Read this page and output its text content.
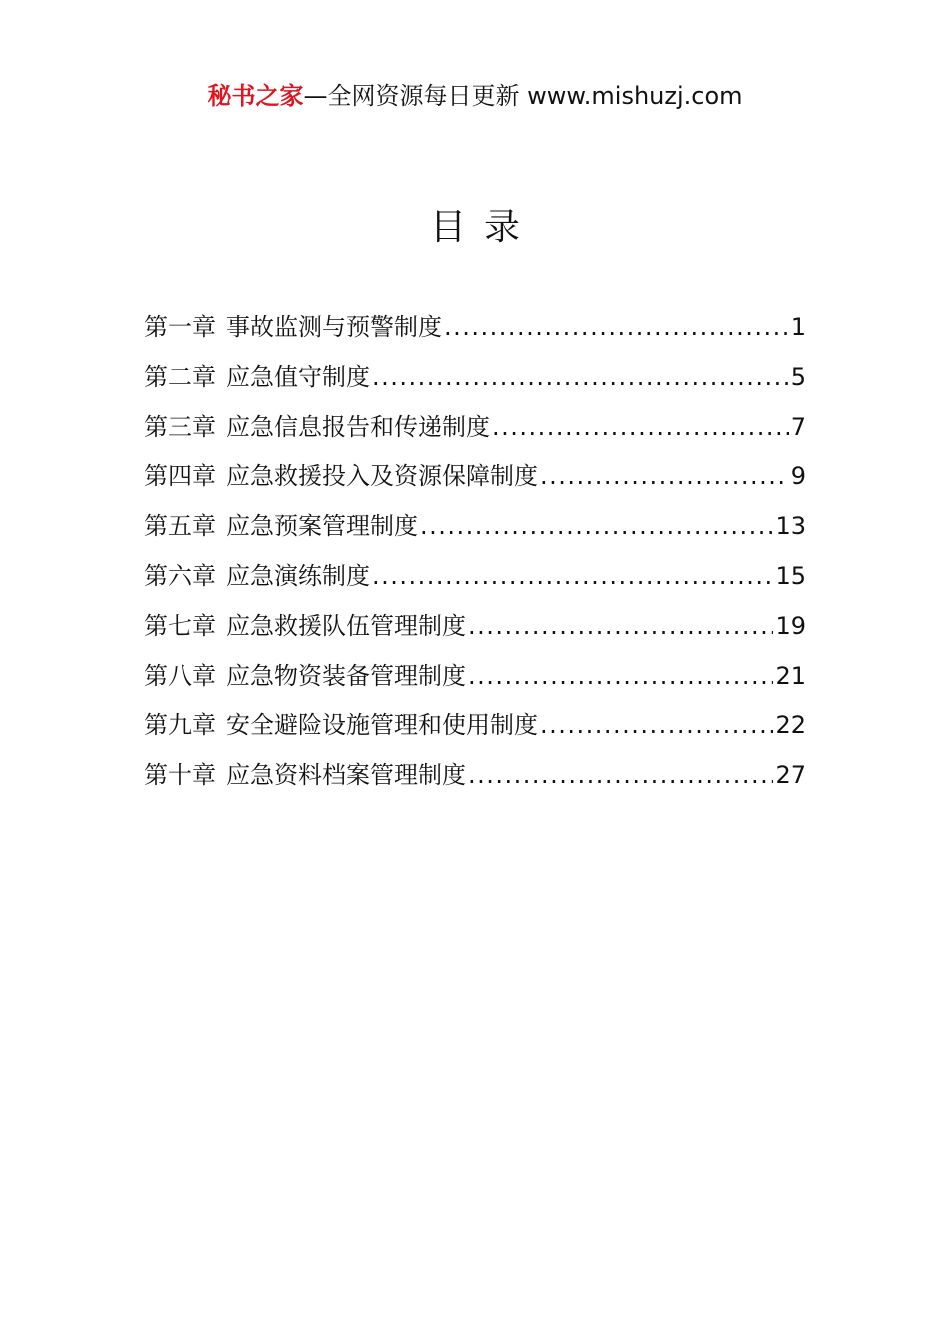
秘书之家—全网资源每日更新 www.mishuzj.com
目录
第一章 事故监测与预警制度 .....	1
第二章 应急值守制度 .....	5
第三章 应急信息报告和传递制度 .....	7
第四章 应急救援投入及资源保障制度 .....	9
第五章 应急预案管理制度 .....	13
第六章 应急演练制度 .....	15
第七章 应急救援队伍管理制度 .....	19
第八章 应急物资装备管理制度 .....	21
第九章 安全避险设施管理和使用制度 .....	22
第十章 应急资料档案管理制度 .....	27
